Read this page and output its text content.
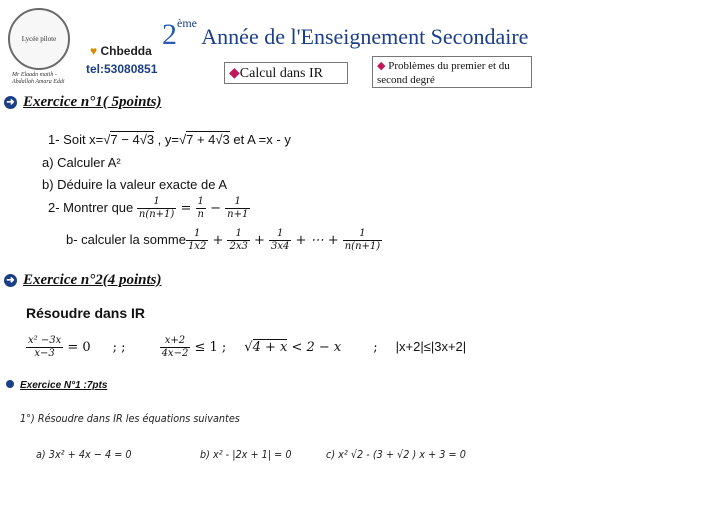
Lycée pilote
Mr Elaadn matih - Abdallah Amara Eddi
♥ Chbedda
tel:53080851
2ème Année de l'Enseignement Secondaire
◆Calcul dans IR	◆ Problèmes du premier et du second degré
➜ Exercice n°1( 5points)
1- Soit x=√7 − 4√3 , y=√7 + 4√3 et A =x - y
a) Calculer A²
b) Déduire la valeur exacte de A
2- Montrer que $\frac{1}{n(n+1)} = \frac{1}{n} - \frac{1}{n+1}$
b- calculer la somme $\frac{1}{1x2} + \frac{1}{2x3} + \frac{1}{3x4}$ + ⋯ + $\frac{1}{n(n+1)}$
➜ Exercice n°2(4 points)
Résoudre dans IR
$\frac{\text{x² −3x}}{x-3} = 0$ ; ;	$\frac{x+2}{4x-2} \le 1$ ; √4 + x < 2 − x ; |x+2|≤|3x+2|
Exercice N°1 :7pts
1°) Résoudre dans IR les équations suivantes
a) 3x² + 4x − 4 = 0	b) x² - |2x + 1| = 0	c) x² √2 - (3 + √2 ) x + 3 = 0
